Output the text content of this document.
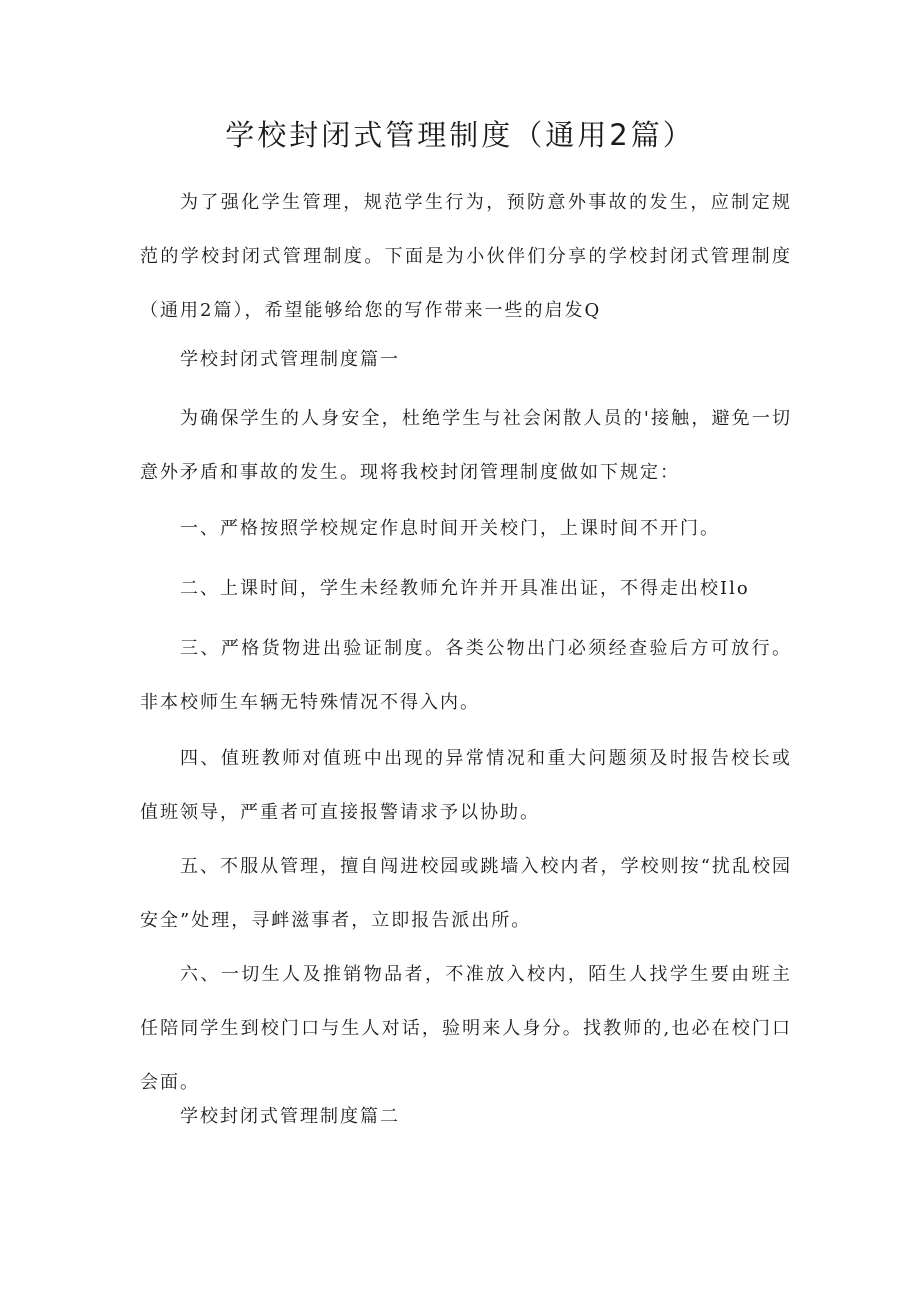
学校封闭式管理制度（通用2篇）

为了强化学生管理，规范学生行为，预防意外事故的发生，应制定规范的学校封闭式管理制度。下面是为小伙伴们分享的学校封闭式管理制度（通用2篇），希望能够给您的写作带来一些的启发Q

学校封闭式管理制度篇一

为确保学生的人身安全，杜绝学生与社会闲散人员的'接触，避免一切意外矛盾和事故的发生。现将我校封闭管理制度做如下规定：

一、严格按照学校规定作息时间开关校门，上课时间不开门。

二、上课时间，学生未经教师允许并开具准出证，不得走出校Ilo

三、严格货物进出验证制度。各类公物出门必须经查验后方可放行。非本校师生车辆无特殊情况不得入内。

四、值班教师对值班中出现的异常情况和重大问题须及时报告校长或值班领导，严重者可直接报警请求予以协助。

五、不服从管理，擅自闯进校园或跳墙入校内者，学校则按“扰乱校园安全”处理，寻衅滋事者，立即报告派出所。

六、一切生人及推销物品者，不准放入校内，陌生人找学生要由班主任陪同学生到校门口与生人对话，验明来人身分。找教师的,也必在校门口会面。

学校封闭式管理制度篇二
